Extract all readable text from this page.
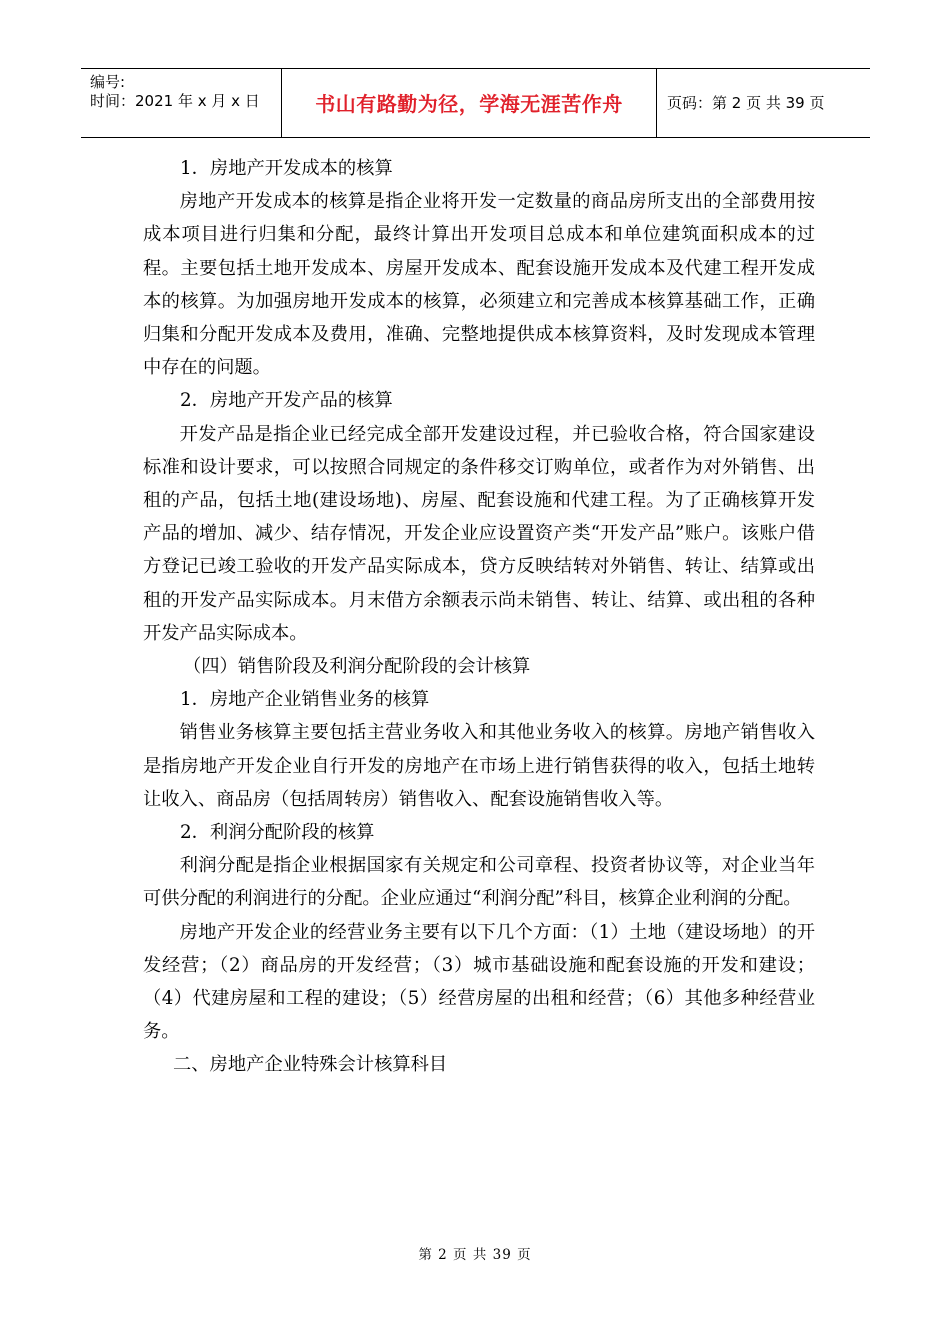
编号:
时间：2021 年 x 月 x 日	书山有路勤为径，学海无涯苦作舟	页码：第 2 页 共 39 页

1．房地产开发成本的核算

房地产开发成本的核算是指企业将开发一定数量的商品房所支出的全部费用按成本项目进行归集和分配，最终计算出开发项目总成本和单位建筑面积成本的过程。主要包括土地开发成本、房屋开发成本、配套设施开发成本及代建工程开发成本的核算。为加强房地开发成本的核算，必须建立和完善成本核算基础工作，正确归集和分配开发成本及费用，准确、完整地提供成本核算资料，及时发现成本管理中存在的问题。

2．房地产开发产品的核算

开发产品是指企业已经完成全部开发建设过程，并已验收合格，符合国家建设标准和设计要求，可以按照合同规定的条件移交订购单位，或者作为对外销售、出租的产品，包括土地(建设场地)、房屋、配套设施和代建工程。为了正确核算开发产品的增加、减少、结存情况，开发企业应设置资产类“开发产品”账户。该账户借方登记已竣工验收的开发产品实际成本，贷方反映结转对外销售、转让、结算或出租的开发产品实际成本。月末借方余额表示尚未销售、转让、结算、或出租的各种开发产品实际成本。

（四）销售阶段及利润分配阶段的会计核算

1．房地产企业销售业务的核算

销售业务核算主要包括主营业务收入和其他业务收入的核算。房地产销售收入是指房地产开发企业自行开发的房地产在市场上进行销售获得的收入，包括土地转让收入、商品房（包括周转房）销售收入、配套设施销售收入等。

2．利润分配阶段的核算

利润分配是指企业根据国家有关规定和公司章程、投资者协议等，对企业当年可供分配的利润进行的分配。企业应通过“利润分配”科目，核算企业利润的分配。

房地产开发企业的经营业务主要有以下几个方面：（1）土地（建设场地）的开发经营；（2）商品房的开发经营；（3）城市基础设施和配套设施的开发和建设；（4）代建房屋和工程的建设；（5）经营房屋的出租和经营；（6）其他多种经营业务。

二、房地产企业特殊会计核算科目

第 2 页 共 39 页
